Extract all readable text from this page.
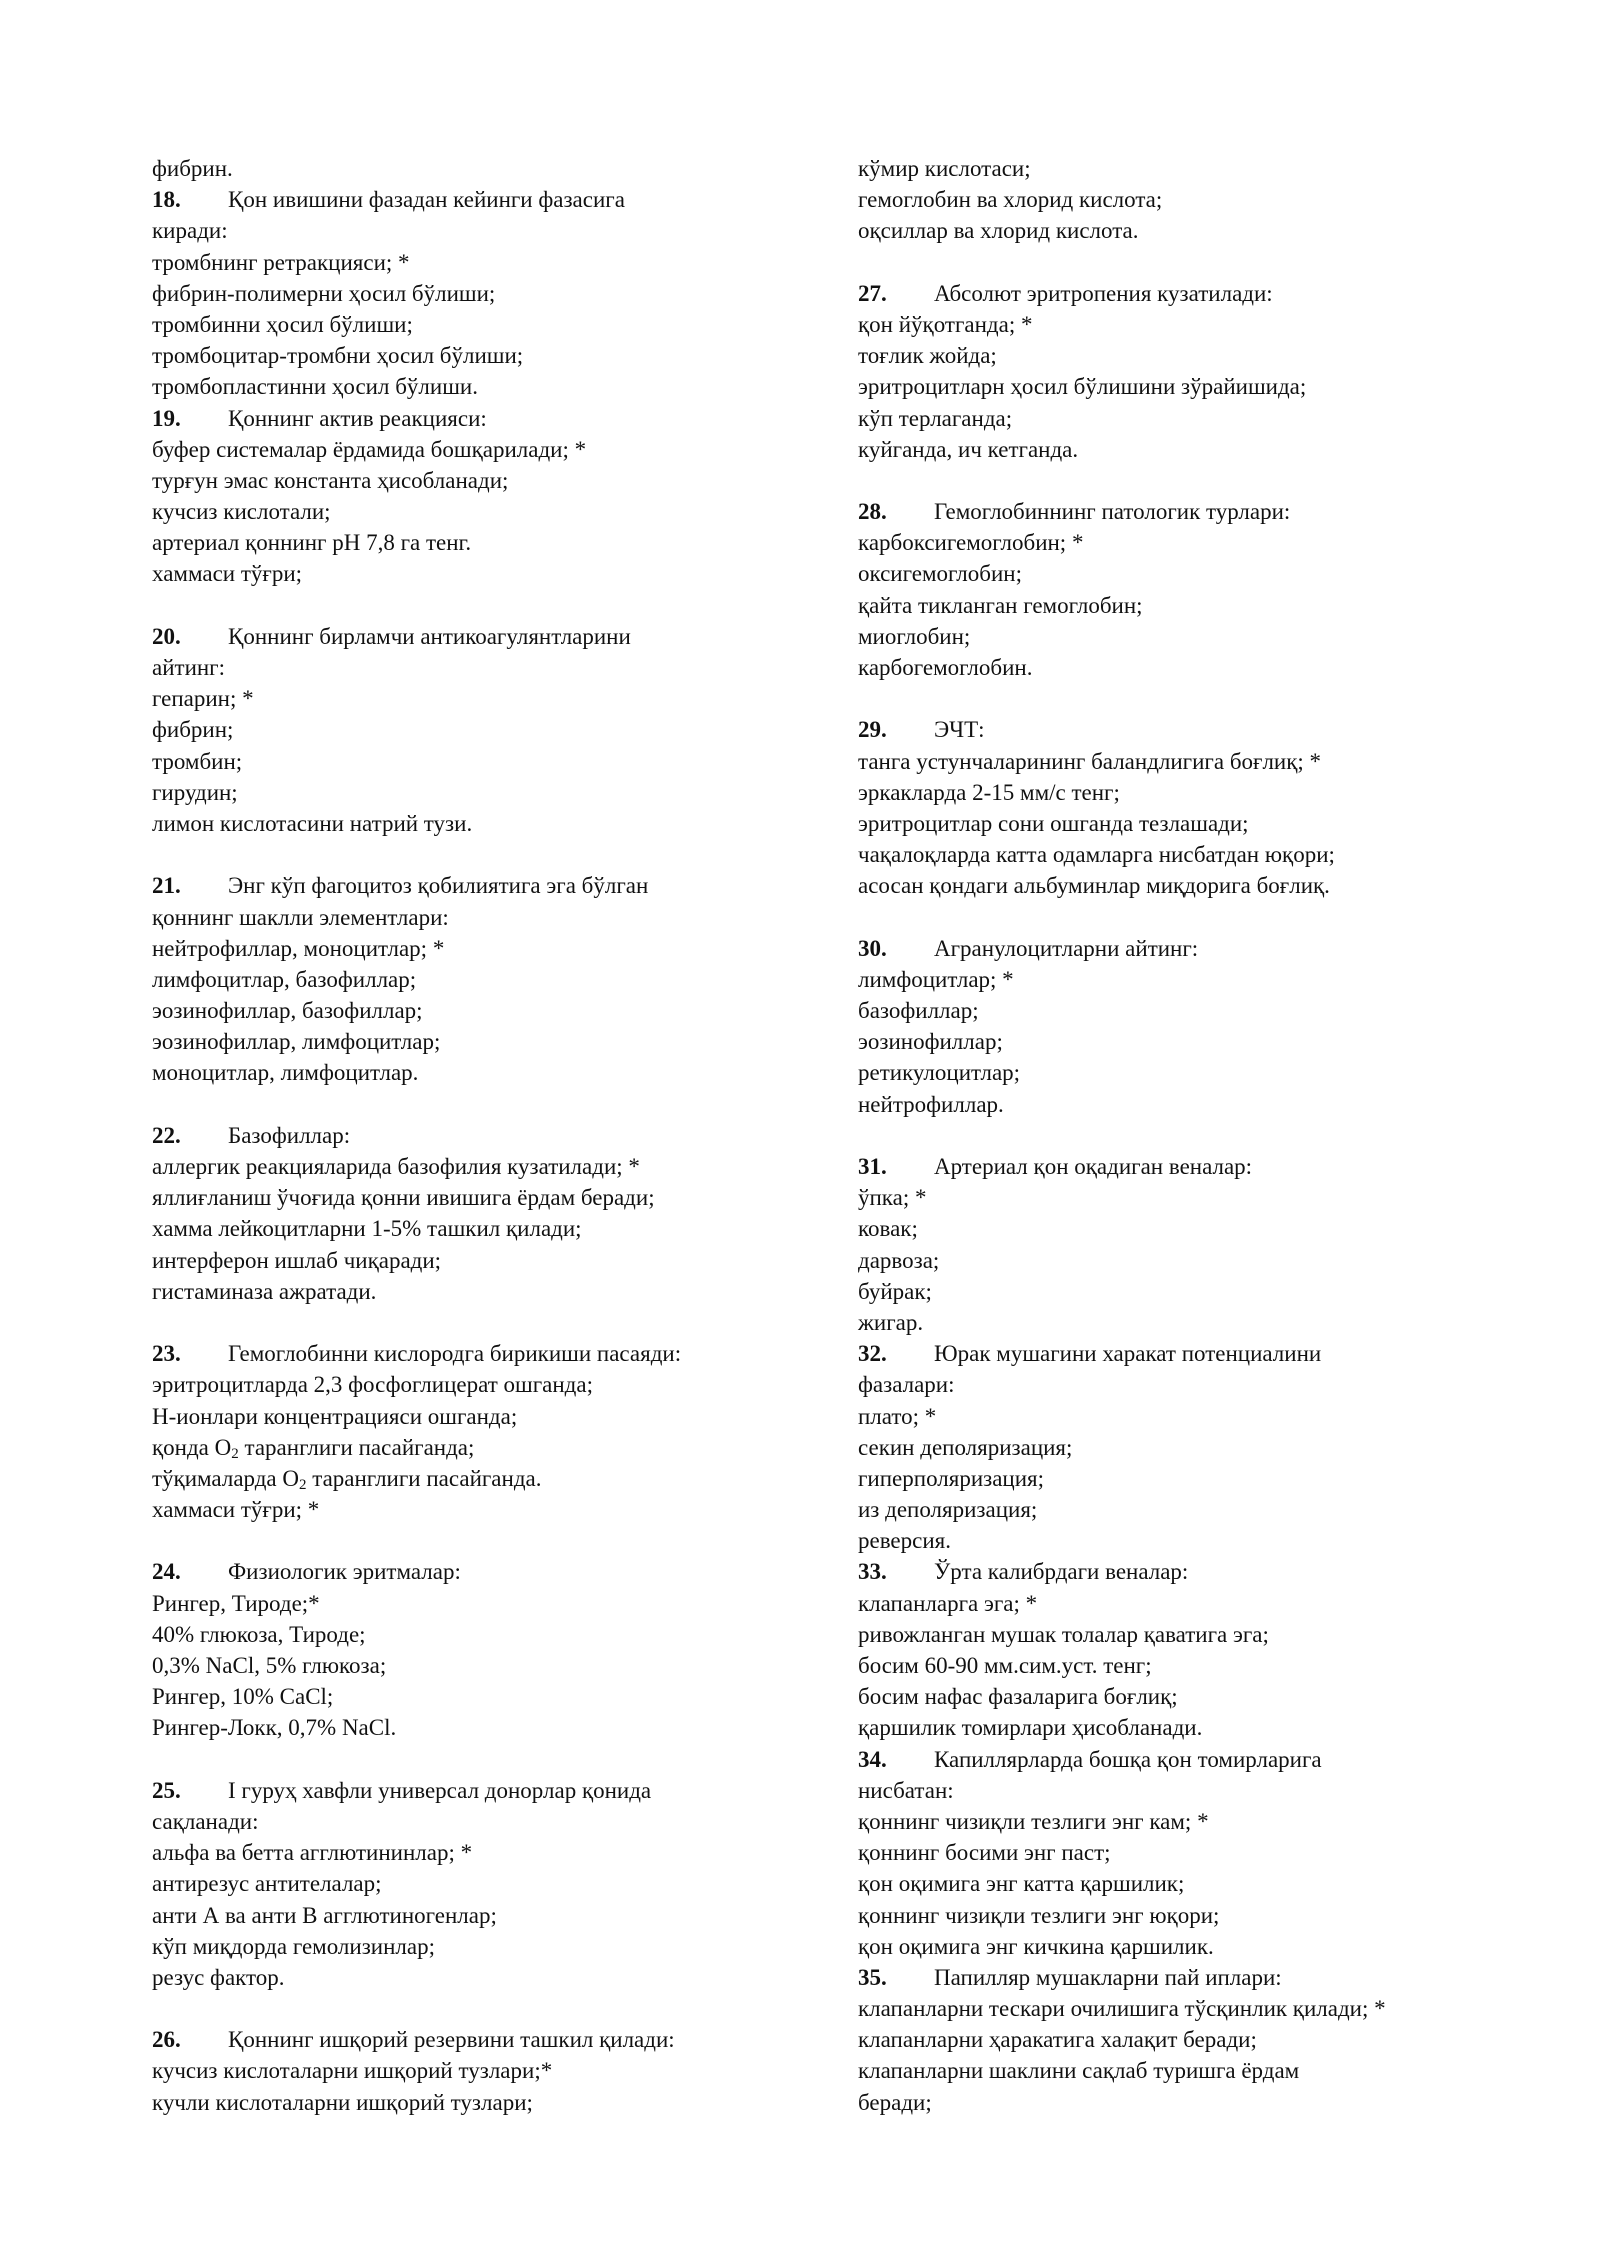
фибрин.
18. Қон ивишини фазадан кейинги фазасига
киради:
тромбнинг ретракцияси; *
фибрин-полимерни ҳосил бўлиши;
тромбинни ҳосил бўлиши;
тромбоцитар-тромбни ҳосил бўлиши;
тромбопластинни ҳосил бўлиши.
19. Қоннинг актив реакцияси:
буфер системалар ёрдамида бошқарилади; *
турғун эмас константа ҳисобланади;
кучсиз кислотали;
артериал қоннинг pH 7,8 га тенг.
хаммаси тўғри;
20. Қоннинг бирламчи антикоагулянтларини
айтинг:
гепарин; *
фибрин;
тромбин;
гирудин;
лимон кислотасини натрий тузи.
21. Энг кўп фагоцитоз қобилиятига эга бўлган
қоннинг шаклли элементлари:
нейтрофиллар, моноцитлар; *
лимфоцитлар, базофиллар;
эозинофиллар, базофиллар;
эозинофиллар, лимфоцитлар;
моноцитлар, лимфоцитлар.
22. Базофиллар:
аллергик реакцияларида базофилия кузатилади; *
яллиғланиш ўчоғида қонни ивишига ёрдам беради;
хамма лейкоцитларни 1-5% ташкил қилади;
интерферон ишлаб чиқаради;
гистаминаза ажратади.
23. Гемоглобинни кислородга бирикиши пасаяди:
эритроцитларда 2,3 фосфоглицерат ошганда;
Н-ионлари концентрацияси ошганда;
қонда $О_2$ таранглиги пасайганда;
тўқималарда $О_2$ таранглиги пасайганда.
хаммаси тўғри; *
24. Физиологик эритмалар:
Рингер, Тироде;*
40% глюкоза, Тироде;
0,3% NaCl, 5% глюкоза;
Рингер, 10% CaCl;
Рингер-Локк, 0,7% NaCl.
25. I гуруҳ хавфли универсал донорлар қонида
сақланади:
альфа ва бетта агглютининлар; *
антирезус антителалар;
анти А ва анти В агглютиногенлар;
кўп миқдорда гемолизинлар;
резус фактор.
26. Қоннинг ишқорий резервини ташкил қилади:
кучсиз кислоталарни ишқорий тузлари;*
кучли кислоталарни ишқорий тузлари;
кўмир кислотаси;
гемоглобин ва хлорид кислота;
оқсиллар ва хлорид кислота.
27. Абсолют эритропения кузатилади:
қон йўқотганда; *
тоғлик жойда;
эритроцитларн ҳосил бўлишини зўрайишида;
кўп терлаганда;
куйганда, ич кетганда.
28. Гемоглобиннинг патологик турлари:
карбоксигемоглобин; *
оксигемоглобин;
қайта тикланган гемоглобин;
миоглобин;
карбогемоглобин.
29. ЭЧТ:
танга устунчаларининг баландлигига боғлиқ; *
эркакларда 2-15 мм/с тенг;
эритроцитлар сони ошганда тезлашади;
чақалоқларда катта одамларга нисбатдан юқори;
асосан қондаги альбуминлар миқдорига боғлиқ.
30. Агранулоцитларни айтинг:
лимфоцитлар; *
базофиллар;
эозинофиллар;
ретикулоцитлар;
нейтрофиллар.
31. Артериал қон оқадиган веналар:
ўпка; *
ковак;
дарвоза;
буйрак;
жигар.
32. Юрак мушагини харакат потенциалини
фазалари:
плато; *
секин деполяризация;
гиперполяризация;
из деполяризация;
реверсия.
33. Ўрта калибрдаги веналар:
клапанларга эга; *
ривожланган мушак толалар қаватига эга;
босим 60-90 мм.сим.уст. тенг;
босим нафас фазаларига боғлиқ;
қаршилик томирлари ҳисобланади.
34. Капиллярларда бошқа қон томирларига
нисбатан:
қоннинг чизиқли тезлиги энг кам; *
қоннинг босими энг паст;
қон оқимига энг катта қаршилик;
қоннинг чизиқли тезлиги энг юқори;
қон оқимига энг кичкина қаршилик.
35. Папилляр мушакларни пай иплари:
клапанларни тескари очилишига тўсқинлик қилади; *
клапанларни ҳаракатига халақит беради;
клапанларни шаклини сақлаб туришга ёрдам
беради;
